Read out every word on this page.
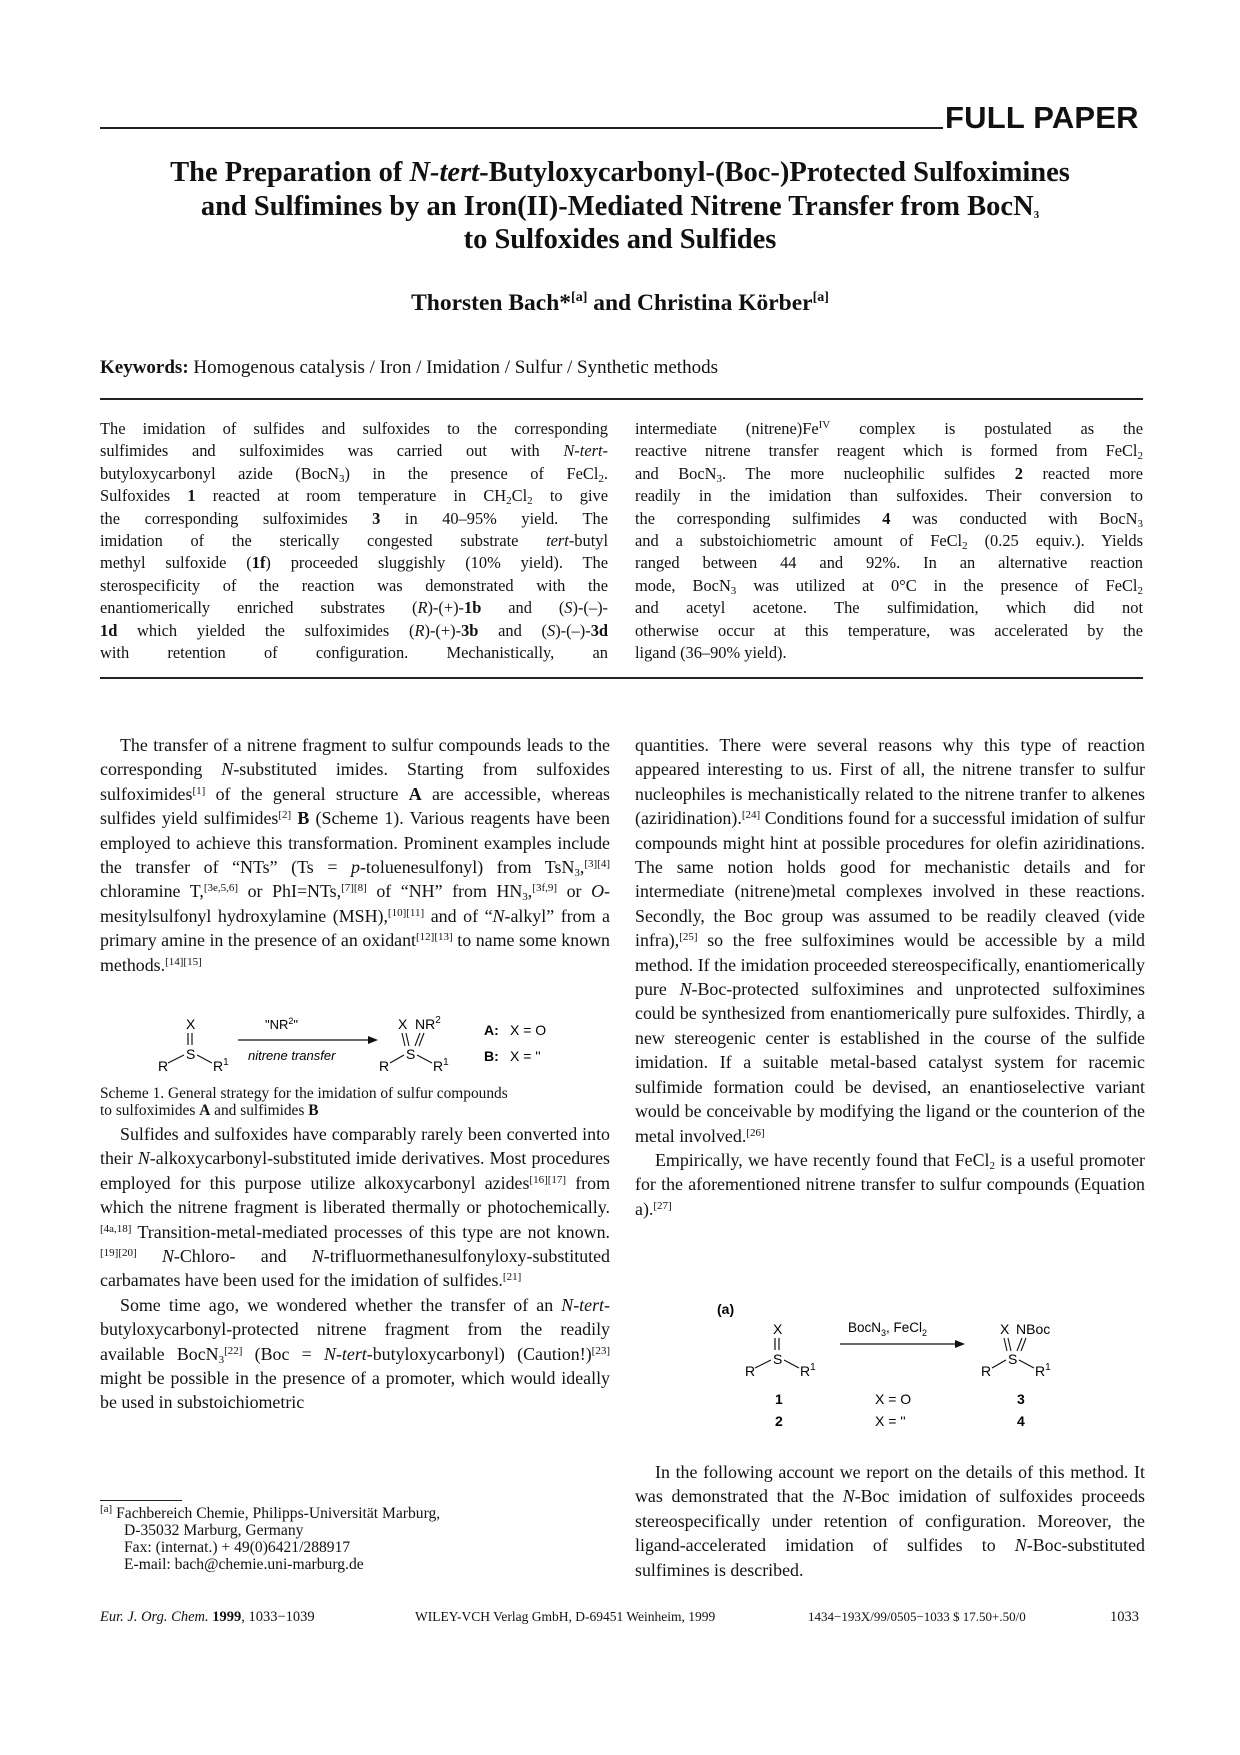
FULL PAPER
The Preparation of N-tert-Butyloxycarbonyl-(Boc-)Protected Sulfoximines
and Sulfimines by an Iron(II)-Mediated Nitrene Transfer from BocN$_3$
to Sulfoxides and Sulfides
Thorsten Bach*[a] and Christina Körber[a]
Keywords: Homogenous catalysis / Iron / Imidation / Sulfur / Synthetic methods

The imidation of sulfides and sulfoxides to the corresponding

sulfimides and sulfoximides was carried out with N-tert-

butyloxycarbonyl azide (BocN$_3$) in the presence of FeCl$_2$.

Sulfoxides 1 reacted at room temperature in $CH_2Cl_2$ to give

the corresponding sulfoximides 3 in 40–95% yield. The

imidation of the sterically congested substrate tert-butyl

methyl sulfoxide (1f) proceeded sluggishly (10% yield). The

sterospecificity of the reaction was demonstrated with the

enantiomerically enriched substrates (R)-(+)-1b and (S)-(–)-

1d which yielded the sulfoximides (R)-(+)-3b and (S)-(–)-3d

with retention of configuration. Mechanistically, an

intermediate $(nitrene)Fe^{IV}$ complex is postulated as the

reactive nitrene transfer reagent which is formed from FeCl$_2$

and BocN$_3$. The more nucleophilic sulfides 2 reacted more

readily in the imidation than sulfoxides. Their conversion to

the corresponding sulfimides 4 was conducted with BocN$_3$

and a substoichiometric amount of FeCl$_2$ (0.25 equiv.). Yields

ranged between 44 and 92%. In an alternative reaction

mode, BocN$_3$ was utilized at 0°C in the presence of FeCl$_2$

and acetyl acetone. The sulfimidation, which did not

otherwise occur at this temperature, was accelerated by the

ligand (36–90% yield).

The transfer of a nitrene fragment to sulfur compounds leads to the corresponding N-substituted imides. Starting from sulfoxides sulfoximides[1] of the general structure A are accessible, whereas sulfides yield sulfimides[2] B (Scheme 1). Various reagents have been employed to achieve this transformation. Prominent examples include the transfer of “NTs” (Ts = p-toluenesulfonyl) from TsN$_3$,[3][4] chloramine T,[3e,5,6] or PhI=NTs,[7][8] of “NH” from $HN_3,[3f,9]$ or O-mesitylsulfonyl hydroxylamine (MSH),[10][11] and of “N-alkyl” from a primary amine in the presence of an oxidant[12][13] to name some known methods.[14][15]

X
S
R	$R^1$
"$NR^2$"
nitrene transfer
X $NR^2$
S
R	$R^1$
A: X = O
B: X = ''
Scheme 1. General strategy for the imidation of sulfur compounds
to sulfoximides A and sulfimides B

Sulfides and sulfoxides have comparably rarely been converted into their N-alkoxycarbonyl-substituted imide derivatives. Most procedures employed for this purpose utilize alkoxycarbonyl azides[16][17] from which the nitrene fragment is liberated thermally or photochemically.[4a,18] Transition-metal-mediated processes of this type are not known.[19][20] N-Chloro- and N-trifluormethanesulfonyloxy-substituted carbamates have been used for the imidation of sulfides.[21]

Some time ago, we wondered whether the transfer of an N-tert-butyloxycarbonyl-protected nitrene fragment from the readily available BocN$_3$[22] (Boc = N-tert-butyloxycarbonyl) (Caution!)[23] might be possible in the presence of a promoter, which would ideally be used in substoichiometric

[a] Fachbereich Chemie, Philipps-Universität Marburg,
D-35032 Marburg, Germany
Fax: (internat.) + 49(0)6421/288917
E-mail: bach@chemie.uni-marburg.de

quantities. There were several reasons why this type of reaction appeared interesting to us. First of all, the nitrene transfer to sulfur nucleophiles is mechanistically related to the nitrene tranfer to alkenes (aziridination).[24] Conditions found for a successful imidation of sulfur compounds might hint at possible procedures for olefin aziridinations. The same notion holds good for mechanistic details and for intermediate (nitrene)metal complexes involved in these reactions. Secondly, the Boc group was assumed to be readily cleaved (vide infra),[25] so the free sulfoximines would be accessible by a mild method. If the imidation proceeded stereospecifically, enantiomerically pure N-Boc-protected sulfoximines and unprotected sulfoximines could be synthesized from enantiomerically pure sulfoxides. Thirdly, a new stereogenic center is established in the course of the sulfide imidation. If a suitable metal-based catalyst system for racemic sulfimide formation could be devised, an enantioselective variant would be conceivable by modifying the ligand or the counterion of the metal involved.[26]

Empirically, we have recently found that FeCl$_2$ is a useful promoter for the aforementioned nitrene transfer to sulfur compounds (Equation a).[27]

(a)
X
S
R	$R^1$
BocN$_3$, FeCl$_2$	X NBoc
S
R	$R^1$
1
2
X = O
X = ''
3
4

In the following account we report on the details of this method. It was demonstrated that the N-Boc imidation of sulfoxides proceeds stereospecifically under retention of configuration. Moreover, the ligand-accelerated imidation of sulfides to N-Boc-substituted sulfimines is described.

Eur. J. Org. Chem. 1999, 1033−1039	WILEY-VCH Verlag GmbH, D-69451 Weinheim, 1999	1434−193X/99/0505−1033 $ 17.50+.50/0	1033
